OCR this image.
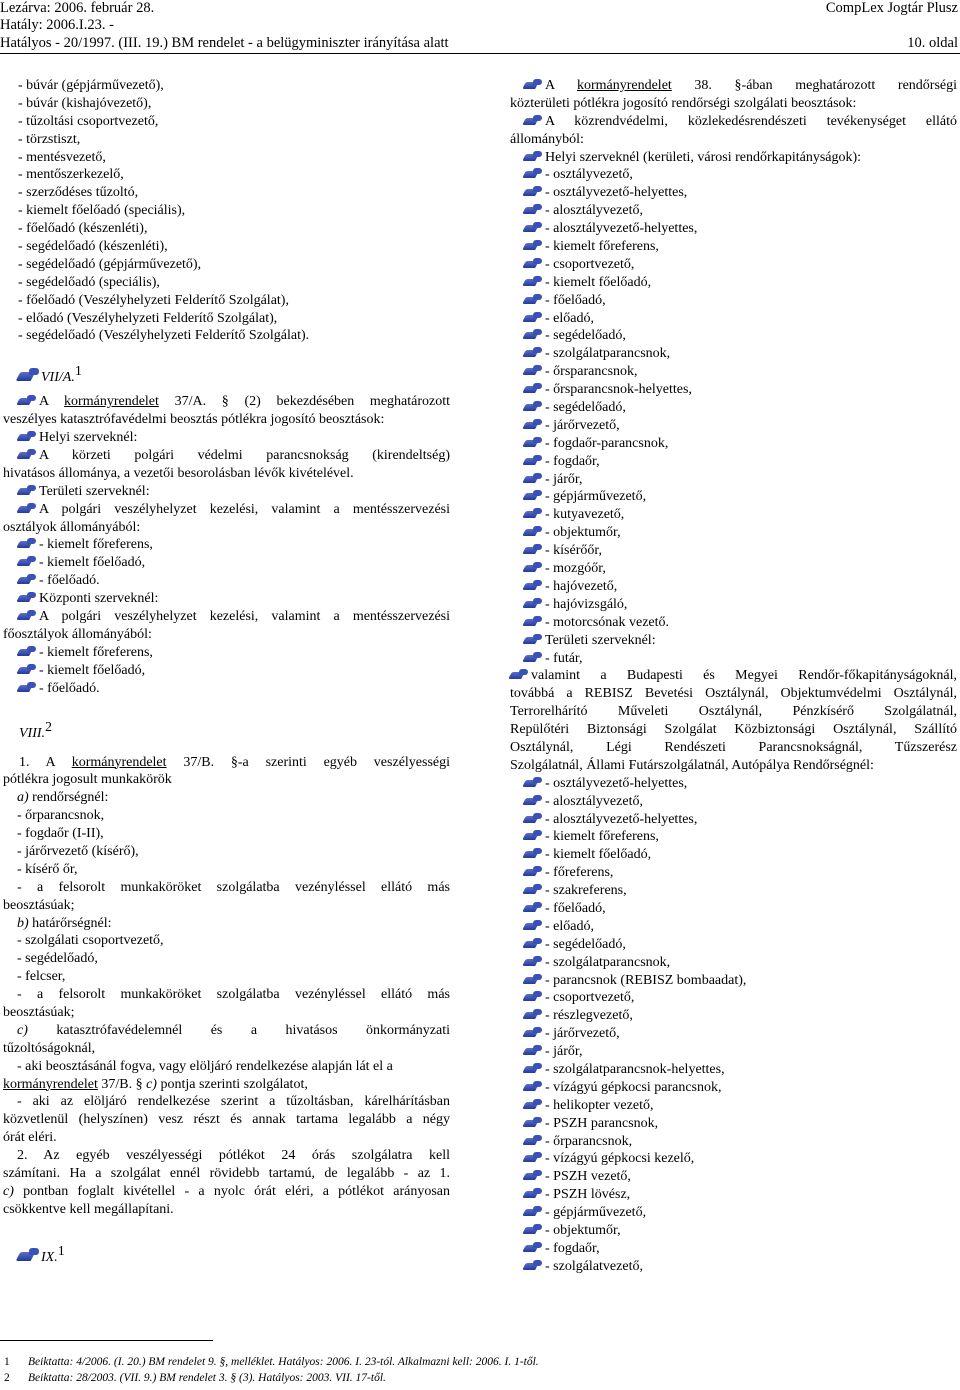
Lezárva: 2006. február 28.	CompLex Jogtár Plusz
Hatály: 2006.I.23. -
Hatályos - 20/1997. (III. 19.) BM rendelet - a belügyminiszter irányítása alatt	10. oldal
- búvár (gépjárművezető),
- búvár (kishajóvezető),
- tűzoltási csoportvezető,
- törzstiszt,
- mentésvezető,
- mentőszerkezelő,
- szerződéses tűzoltó,
- kiemelt főelőadó (speciális),
- főelőadó (készenléti),
- segédelőadó (készenléti),
- segédelőadó (gépjárművezető),
- segédelőadó (speciális),
- főelőadó (Veszélyhelyzeti Felderítő Szolgálat),
- előadó (Veszélyhelyzeti Felderítő Szolgálat),
- segédelőadó (Veszélyhelyzeti Felderítő Szolgálat).
VII/A.$^1$
A kormányrendelet 37/A. § (2) bekezdésében meghatározott
veszélyes katasztrófavédelmi beosztás pótlékra jogosító beosztások:
Helyi szerveknél:
A körzeti polgári védelmi parancsnokság (kirendeltség)
hivatásos állománya, a vezetői besorolásban lévők kivételével.
Területi szerveknél:
A polgári veszélyhelyzet kezelési, valamint a mentésszervezési
osztályok állományából:
- kiemelt főreferens,
- kiemelt főelőadó,
- főelőadó.
Központi szerveknél:
A polgári veszélyhelyzet kezelési, valamint a mentésszervezési
főosztályok állományából:
- kiemelt főreferens,
- kiemelt főelőadó,
- főelőadó.
VIII.$^2$
1. A kormányrendelet 37/B. §-a szerinti egyéb veszélyességi
pótlékra jogosult munkakörök
a) rendőrségnél:
- őrparancsnok,
- fogdaőr (I-II),
- járőrvezető (kísérő),
- kísérő őr,
- a felsorolt munkaköröket szolgálatba vezényléssel ellátó más
beosztásúak;
b) határőrségnél:
- szolgálati csoportvezető,
- segédelőadó,
- felcser,
- a felsorolt munkaköröket szolgálatba vezényléssel ellátó más
beosztásúak;
c) katasztrófavédelemnél és a hivatásos önkormányzati
tűzoltóságoknál,
- aki beosztásánál fogva, vagy elöljáró rendelkezése alapján lát el a
kormányrendelet 37/B. § c) pontja szerinti szolgálatot,
- aki az elöljáró rendelkezése szerint a tűzoltásban, kárelhárításban
közvetlenül (helyszínen) vesz részt és annak tartama legalább a négy
órát eléri.
2. Az egyéb veszélyességi pótlékot 24 órás szolgálatra kell
számítani. Ha a szolgálat ennél rövidebb tartamú, de legalább - az 1.
c) pontban foglalt kivétellel - a nyolc órát eléri, a pótlékot arányosan
csökkentve kell megállapítani.
IX.$^1$
A kormányrendelet 38. §-ában meghatározott rendőrségi
közterületi pótlékra jogosító rendőrségi szolgálati beosztások:
A közrendvédelmi, közlekedésrendészeti tevékenységet ellátó
állományból:
Helyi szerveknél (kerületi, városi rendőrkapitányságok):
- osztályvezető,
- osztályvezető-helyettes,
- alosztályvezető,
- alosztályvezető-helyettes,
- kiemelt főreferens,
- csoportvezető,
- kiemelt főelőadó,
- főelőadó,
- előadó,
- segédelőadó,
- szolgálatparancsnok,
- őrsparancsnok,
- őrsparancsnok-helyettes,
- segédelőadó,
- járőrvezető,
- fogdaőr-parancsnok,
- fogdaőr,
- járőr,
- gépjárművezető,
- kutyavezető,
- objektumőr,
- kísérőőr,
- mozgóőr,
- hajóvezető,
- hajóvizsgáló,
- motorcsónak vezető.
Területi szerveknél:
- futár,
valamint a Budapesti és Megyei Rendőr-főkapitányságoknál,
továbbá a REBISZ Bevetési Osztálynál, Objektumvédelmi Osztálynál,
Terrorelhárító Műveleti Osztálynál, Pénzkísérő Szolgálatnál,
Repülőtéri Biztonsági Szolgálat Közbiztonsági Osztálynál, Szállító
Osztálynál, Légi Rendészeti Parancsnokságnál, Tűzszerész
Szolgálatnál, Állami Futárszolgálatnál, Autópálya Rendőrségnél:
- osztályvezető-helyettes,
- alosztályvezető,
- alosztályvezető-helyettes,
- kiemelt főreferens,
- kiemelt főelőadó,
- főreferens,
- szakreferens,
- főelőadó,
- előadó,
- segédelőadó,
- szolgálatparancsnok,
- parancsnok (REBISZ bombaadat),
- csoportvezető,
- részlegvezető,
- járőrvezető,
- járőr,
- szolgálatparancsnok-helyettes,
- vízágyú gépkocsi parancsnok,
- helikopter vezető,
- PSZH parancsnok,
- őrparancsnok,
- vízágyú gépkocsi kezelő,
- PSZH vezető,
- PSZH lövész,
- gépjárművezető,
- objektumőr,
- fogdaőr,
- szolgálatvezető,
1 Beiktatta: 4/2006. (I. 20.) BM rendelet 9. §, melléklet. Hatályos: 2006. I. 23-tól. Alkalmazni kell: 2006. I. 1-től.
2 Beiktatta: 28/2003. (VII. 9.) BM rendelet 3. § (3). Hatályos: 2003. VII. 17-től.
